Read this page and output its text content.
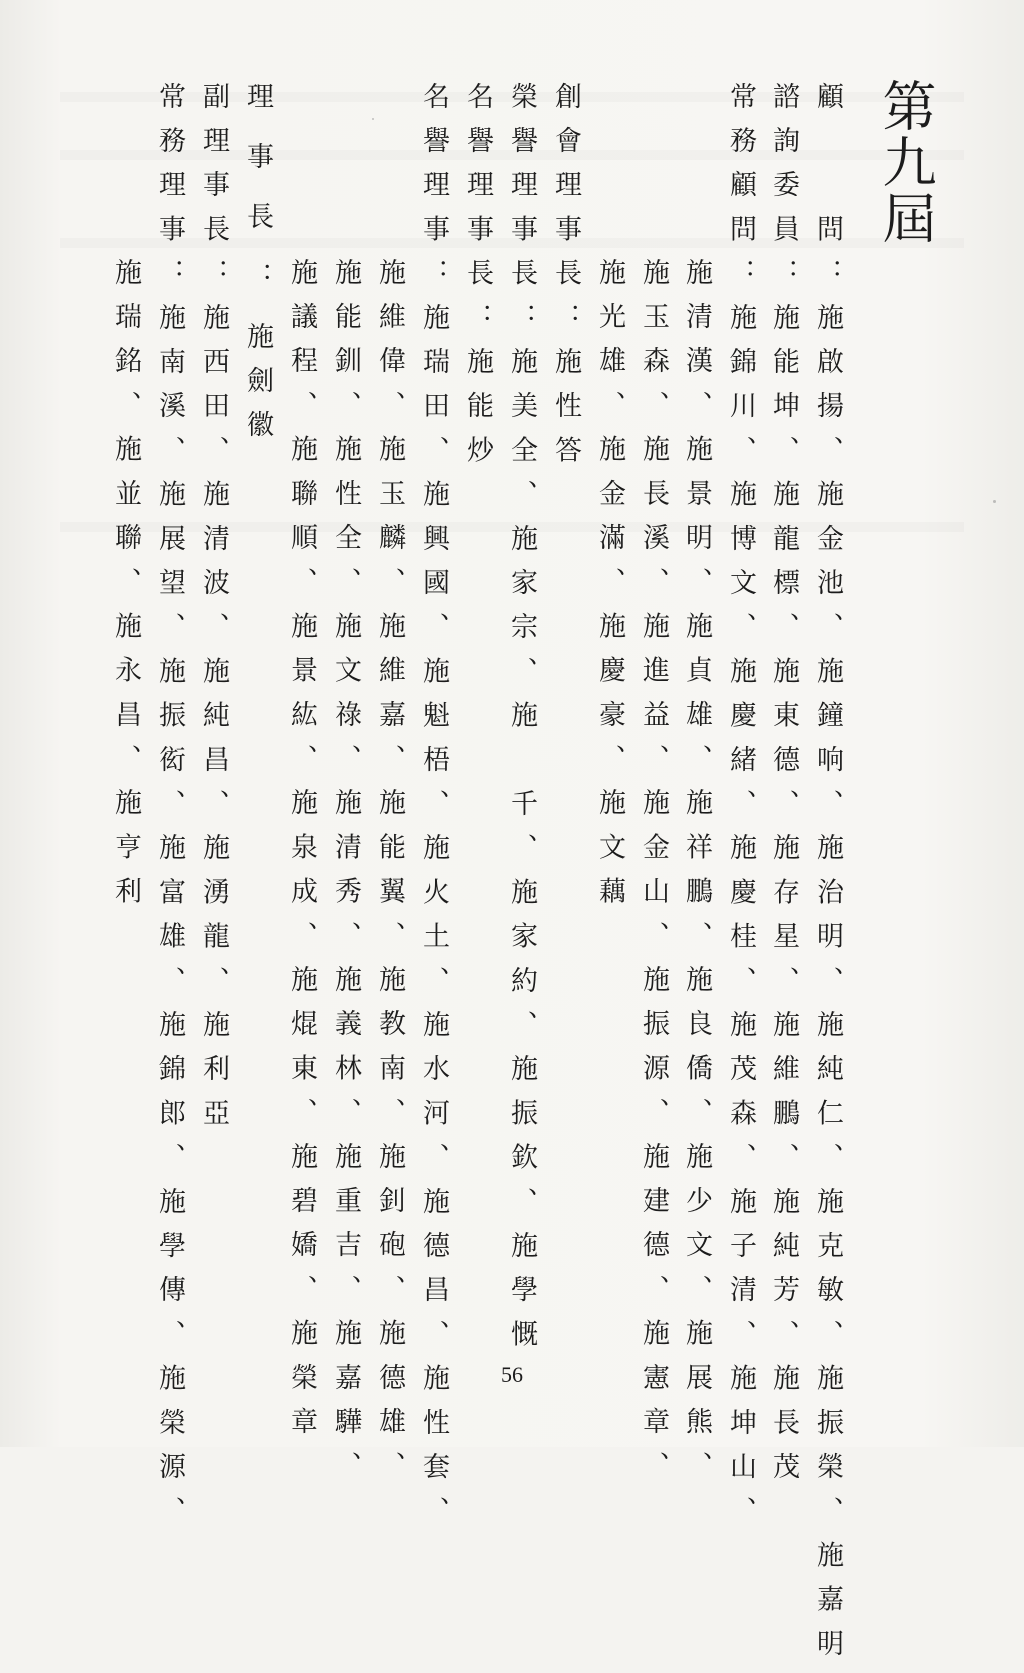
第九屆
顧　　問：施啟揚、施金池、施鐘响、施治明、施純仁、施克敏、施振榮、施嘉明
諮詢委員：施能坤、施龍標、施東德、施存星、施維鵬、施純芳、施長茂
常務顧問：施錦川、施博文、施慶緒、施慶桂、施茂森、施子清、施坤山、
施清漢、施景明、施貞雄、施祥鵬、施良僑、施少文、施展熊、
施玉森、施長溪、施進益、施金山、施振源、施建德、施憲章、
施光雄、施金滿、施慶豪、施文藕
創會理事長：施性答
榮譽理事長：施美全、施家宗、施　千、施家約、施振欽、施學慨
名譽理事長：施能炒
名譽理事：施瑞田、施興國、施魁梧、施火土、施水河、施德昌、施性套、
施維偉、施玉麟、施維嘉、施能翼、施教南、施釗砲、施德雄、
施能釧、施性全、施文祿、施清秀、施義林、施重吉、施嘉驊、
施議程、施聯順、施景紘、施泉成、施焜東、施碧嬌、施榮章
理事長：施劍徽
副理事長：施西田、施清波、施純昌、施湧龍、施利亞
常務理事：施南溪、施展望、施振衒、施富雄、施錦郎、施學傳、施榮源、
施瑞銘、施並聯、施永昌、施亨利
56
